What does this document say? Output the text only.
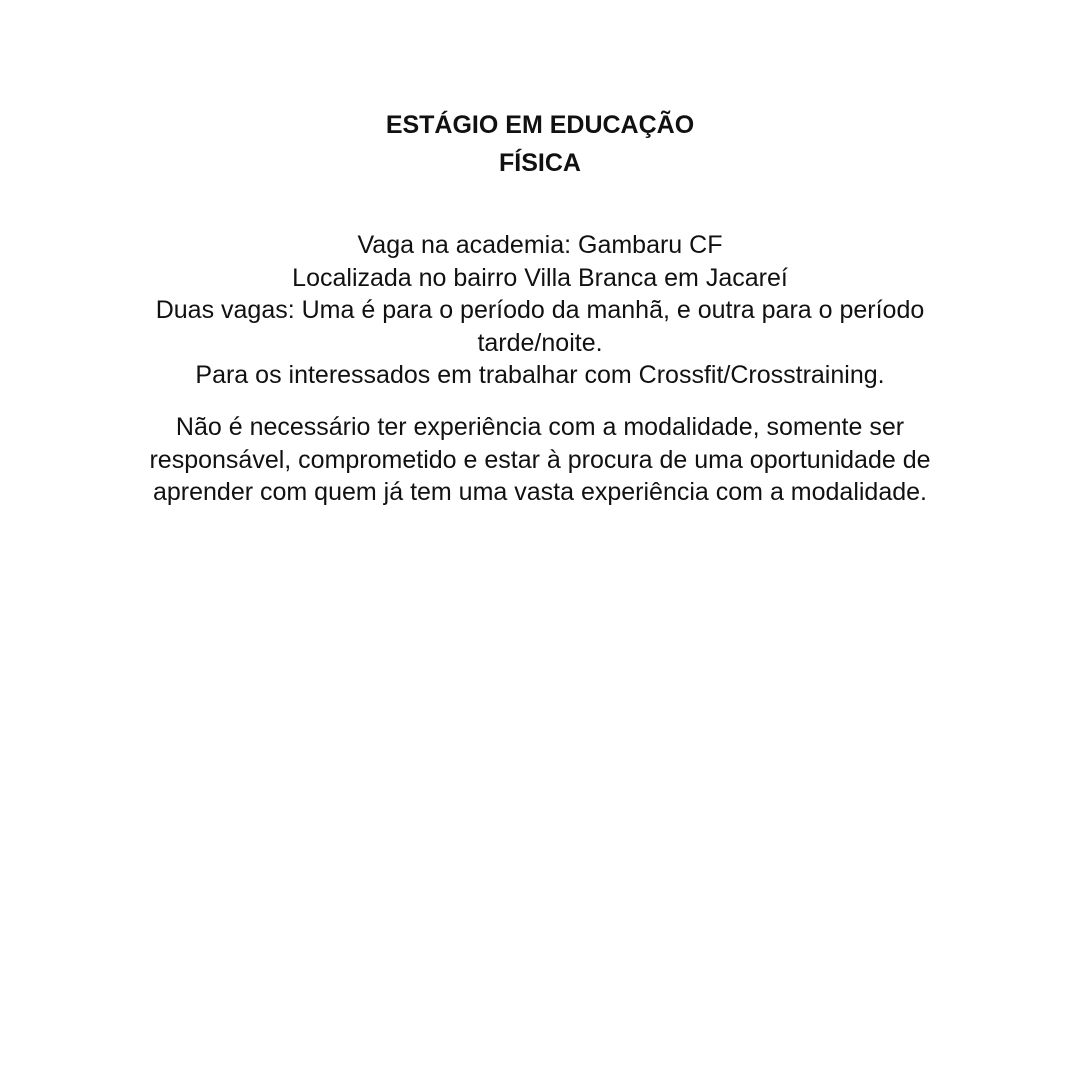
ESTÁGIO EM EDUCAÇÃO
FÍSICA

Vaga na academia: Gambaru CF
Localizada no bairro Villa Branca em Jacareí
Duas vagas: Uma é para o período da manhã, e outra para o período
tarde/noite.
Para os interessados em trabalhar com Crossfit/Crosstraining.

Não é necessário ter experiência com a modalidade, somente ser
responsável, comprometido e estar à procura de uma oportunidade de
aprender com quem já tem uma vasta experiência com a modalidade.
